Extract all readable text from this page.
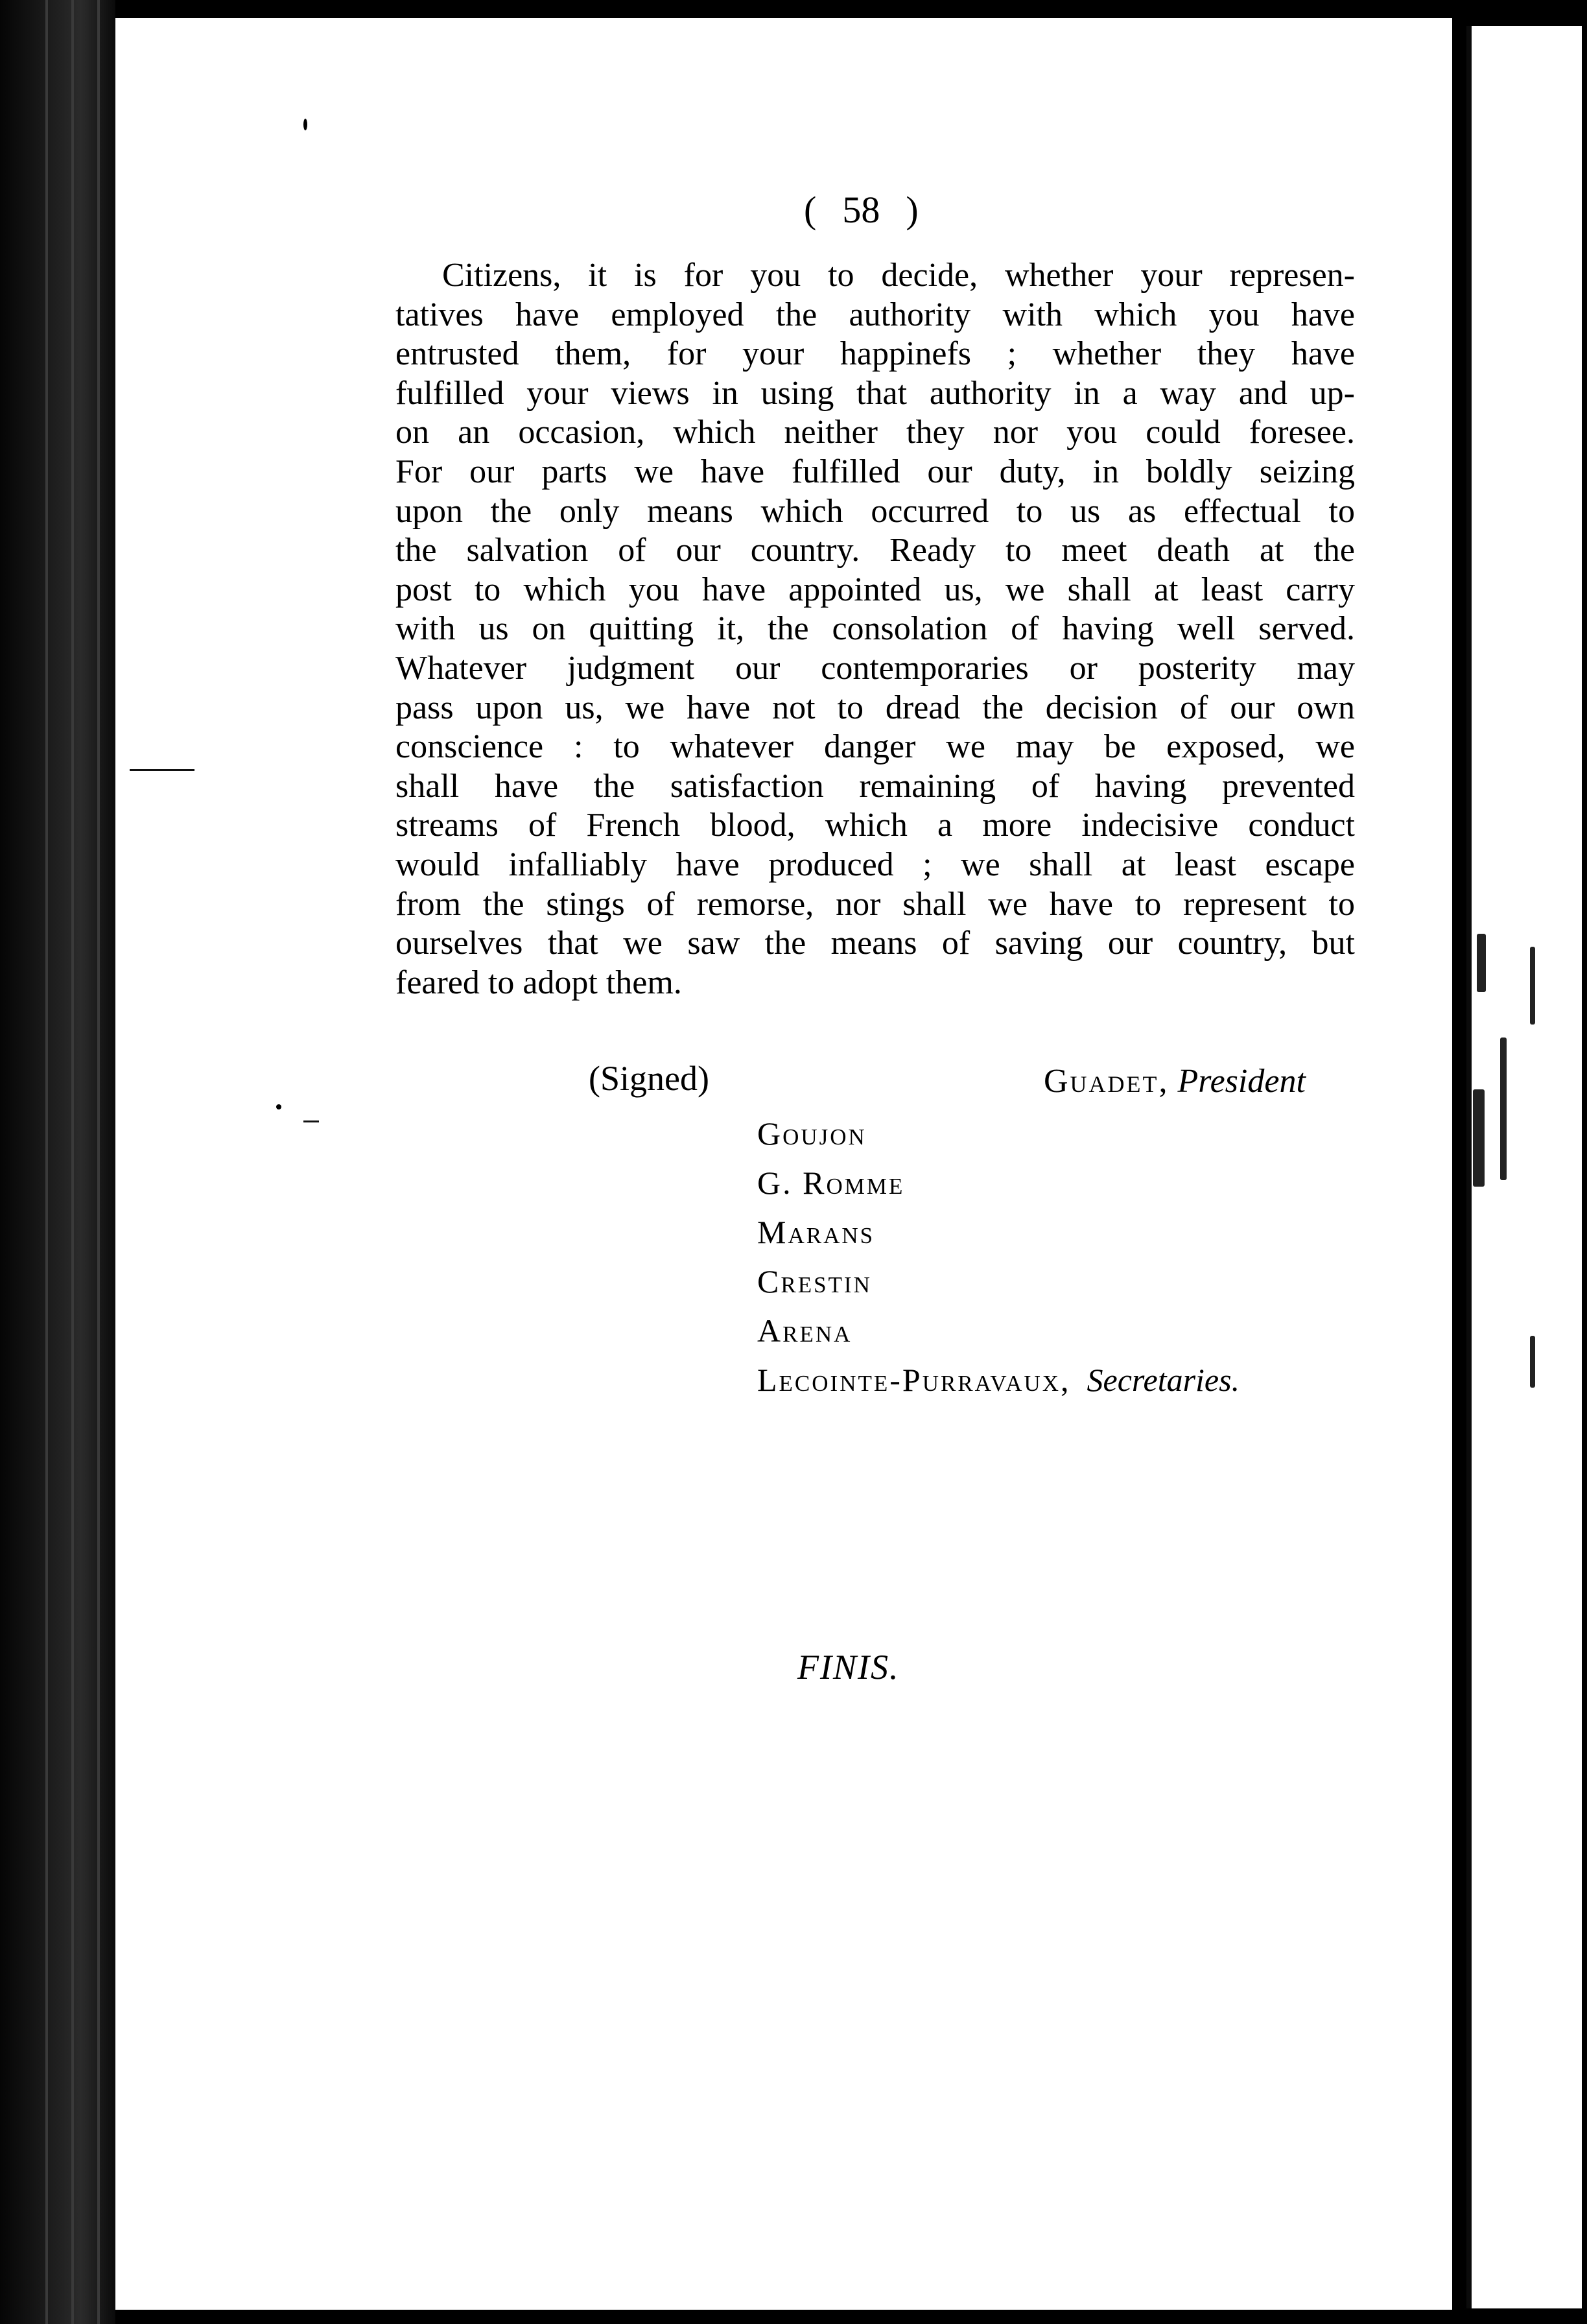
( 58 )
Citizens, it is for you to decide, whether your represen-
tatives have employed the authority with which you have
entrusted them, for your happinefs ; whether they have
fulfilled your views in using that authority in a way and up-
on an occasion, which neither they nor you could foresee.
For our parts we have fulfilled our duty, in boldly seizing
upon the only means which occurred to us as effectual to
the salvation of our country. Ready to meet death at the
post to which you have appointed us, we shall at least carry
with us on quitting it, the consolation of having well served.
Whatever judgment our contemporaries or posterity may
pass upon us, we have not to dread the decision of our own
conscience : to whatever danger we may be exposed, we
shall have the satisfaction remaining of having prevented
streams of French blood, which a more indecisive conduct
would infalliably have produced ; we shall at least escape
from the stings of remorse, nor shall we have to represent to
ourselves that we saw the means of saving our country, but
feared to adopt them.
(Signed)	Guadet, President
Goujon
G. Romme
Marans
Crestin
Arena
Lecointe-Purravaux, Secretaries.
FINIS.
